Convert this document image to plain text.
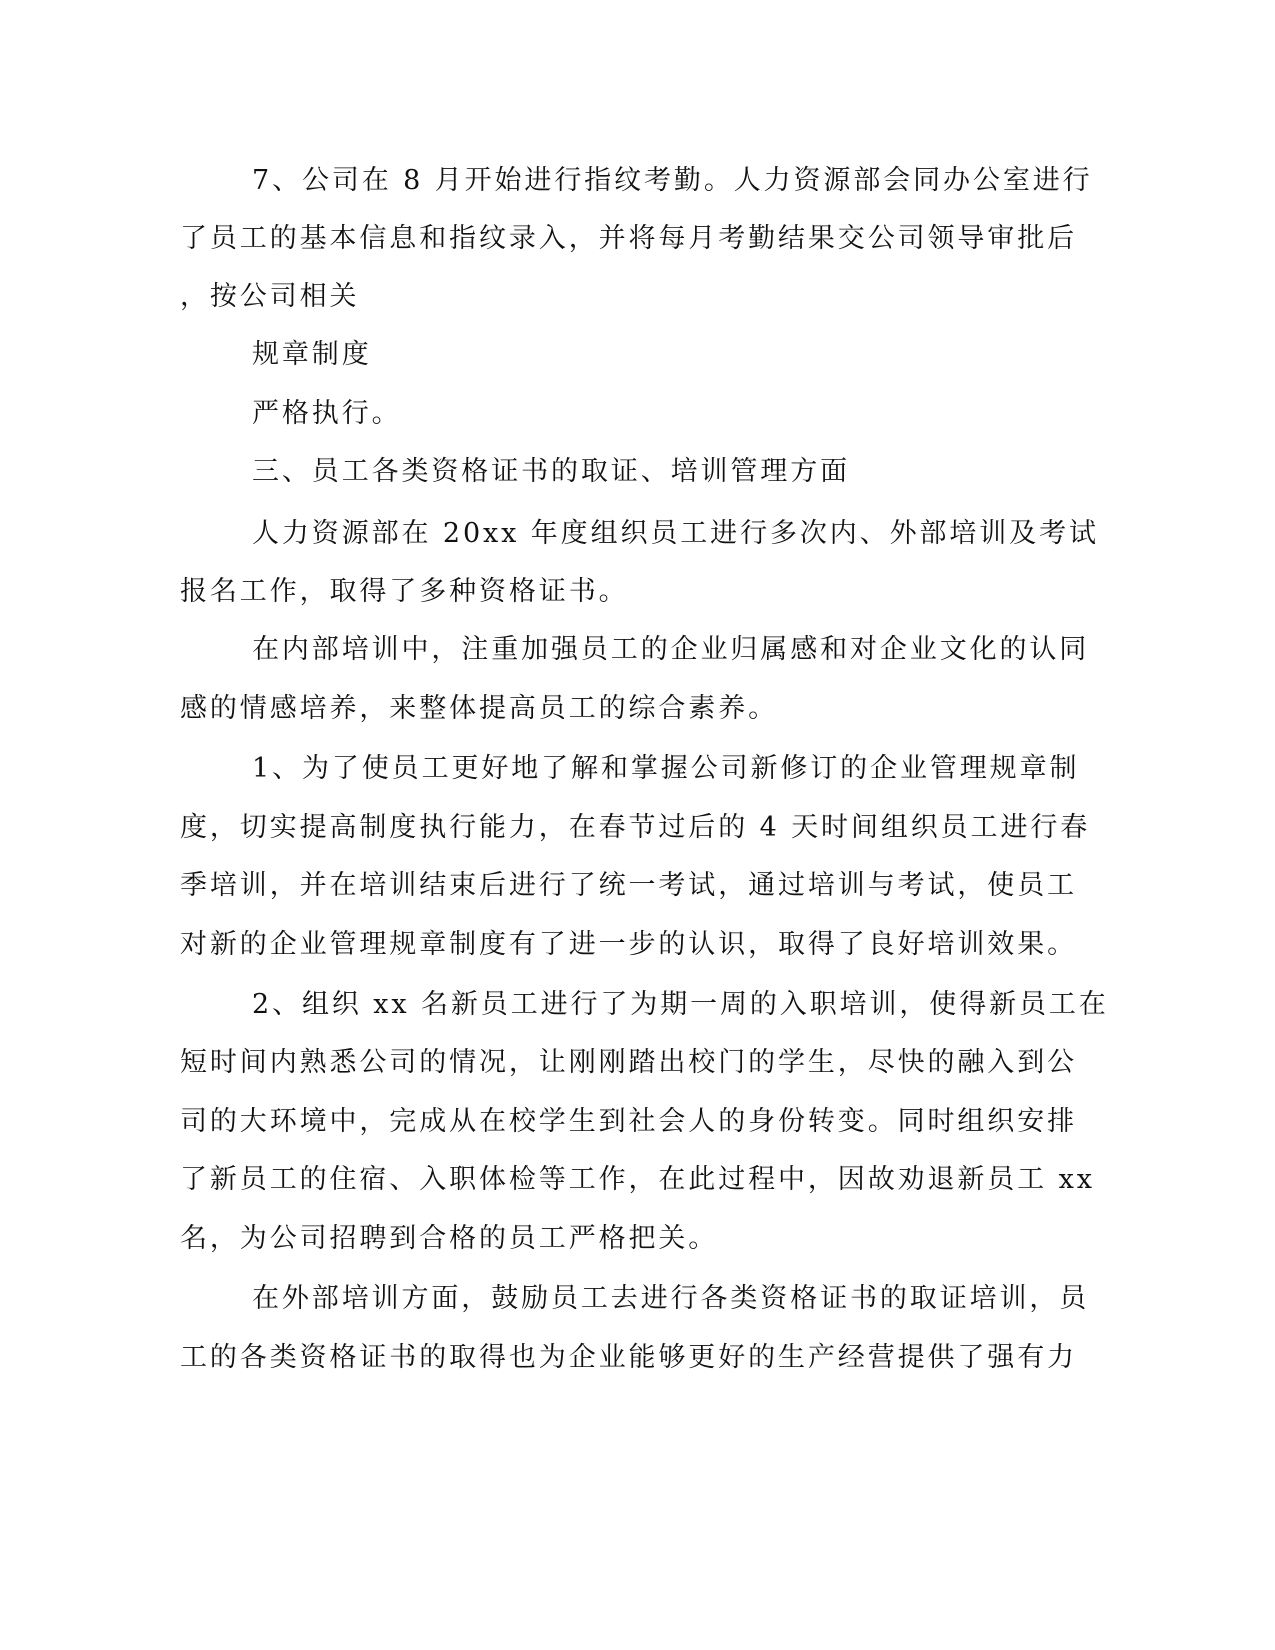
7、公司在 8 月开始进行指纹考勤。人力资源部会同办公室进行
了员工的基本信息和指纹录入，并将每月考勤结果交公司领导审批后
，按公司相关
规章制度
严格执行。
三、员工各类资格证书的取证、培训管理方面
人力资源部在 20xx 年度组织员工进行多次内、外部培训及考试
报名工作，取得了多种资格证书。
在内部培训中，注重加强员工的企业归属感和对企业文化的认同
感的情感培养，来整体提高员工的综合素养。
1、为了使员工更好地了解和掌握公司新修订的企业管理规章制
度，切实提高制度执行能力，在春节过后的 4 天时间组织员工进行春
季培训，并在培训结束后进行了统一考试，通过培训与考试，使员工
对新的企业管理规章制度有了进一步的认识，取得了良好培训效果。
2、组织 xx 名新员工进行了为期一周的入职培训，使得新员工在
短时间内熟悉公司的情况，让刚刚踏出校门的学生，尽快的融入到公
司的大环境中，完成从在校学生到社会人的身份转变。同时组织安排
了新员工的住宿、入职体检等工作，在此过程中，因故劝退新员工 xx
名，为公司招聘到合格的员工严格把关。
在外部培训方面，鼓励员工去进行各类资格证书的取证培训，员
工的各类资格证书的取得也为企业能够更好的生产经营提供了强有力
